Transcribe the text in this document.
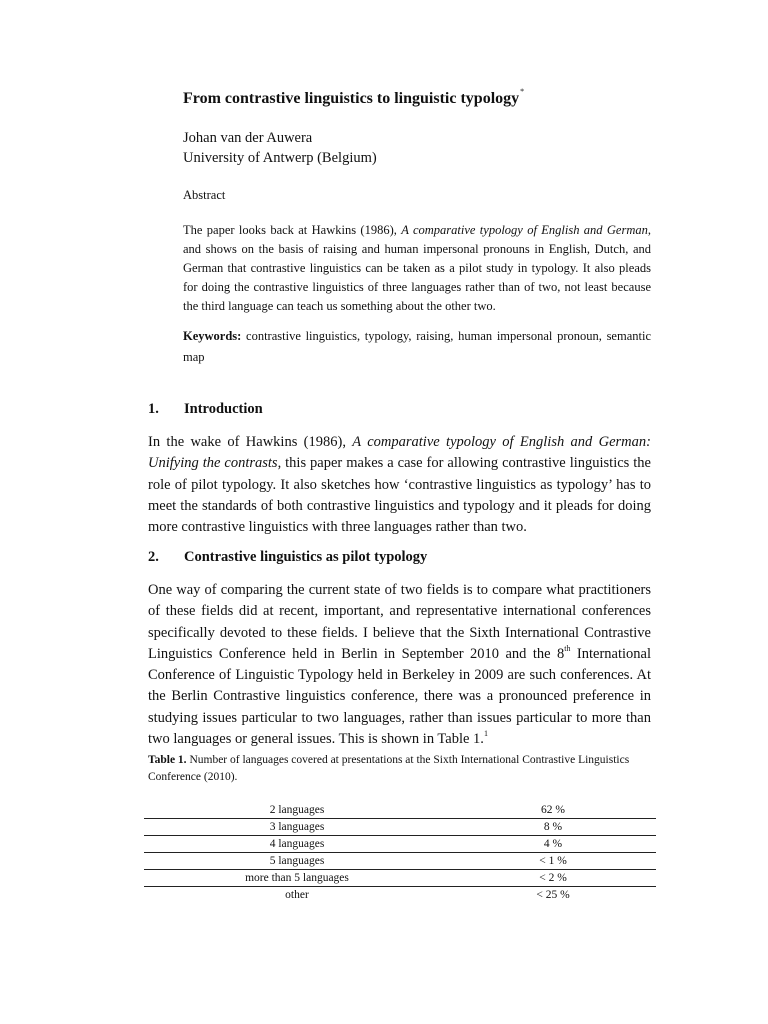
From contrastive linguistics to linguistic typology*
Johan van der Auwera
University of Antwerp (Belgium)
Abstract

The paper looks back at Hawkins (1986), A comparative typology of English and German, and shows on the basis of raising and human impersonal pronouns in English, Dutch, and German that contrastive linguistics can be taken as a pilot study in typology. It also pleads for doing the contrastive linguistics of three languages rather than of two, not least because the third language can teach us something about the other two.

Keywords: contrastive linguistics, typology, raising, human impersonal pronoun, semantic map

1. Introduction

In the wake of Hawkins (1986), A comparative typology of English and German: Unifying the contrasts, this paper makes a case for allowing contrastive linguistics the role of pilot typology. It also sketches how ‘contrastive linguistics as typology’ has to meet the standards of both contrastive linguistics and typology and it pleads for doing more contrastive linguistics with three languages rather than two.

2. Contrastive linguistics as pilot typology

One way of comparing the current state of two fields is to compare what practitioners of these fields did at recent, important, and representative international conferences specifically devoted to these fields. I believe that the Sixth International Contrastive Linguistics Conference held in Berlin in September 2010 and the 8th International Conference of Linguistic Typology held in Berkeley in 2009 are such conferences. At the Berlin Contrastive linguistics conference, there was a pronounced preference in studying issues particular to two languages, rather than issues particular to more than two languages or general issues. This is shown in Table 1.$^1$

Table 1. Number of languages covered at presentations at the Sixth International Contrastive Linguistics Conference (2010).

2 languages	62 %
3 languages	8 %
4 languages	4 %
5 languages	< 1 %
more than 5 languages	< 2 %
other	< 25 %
